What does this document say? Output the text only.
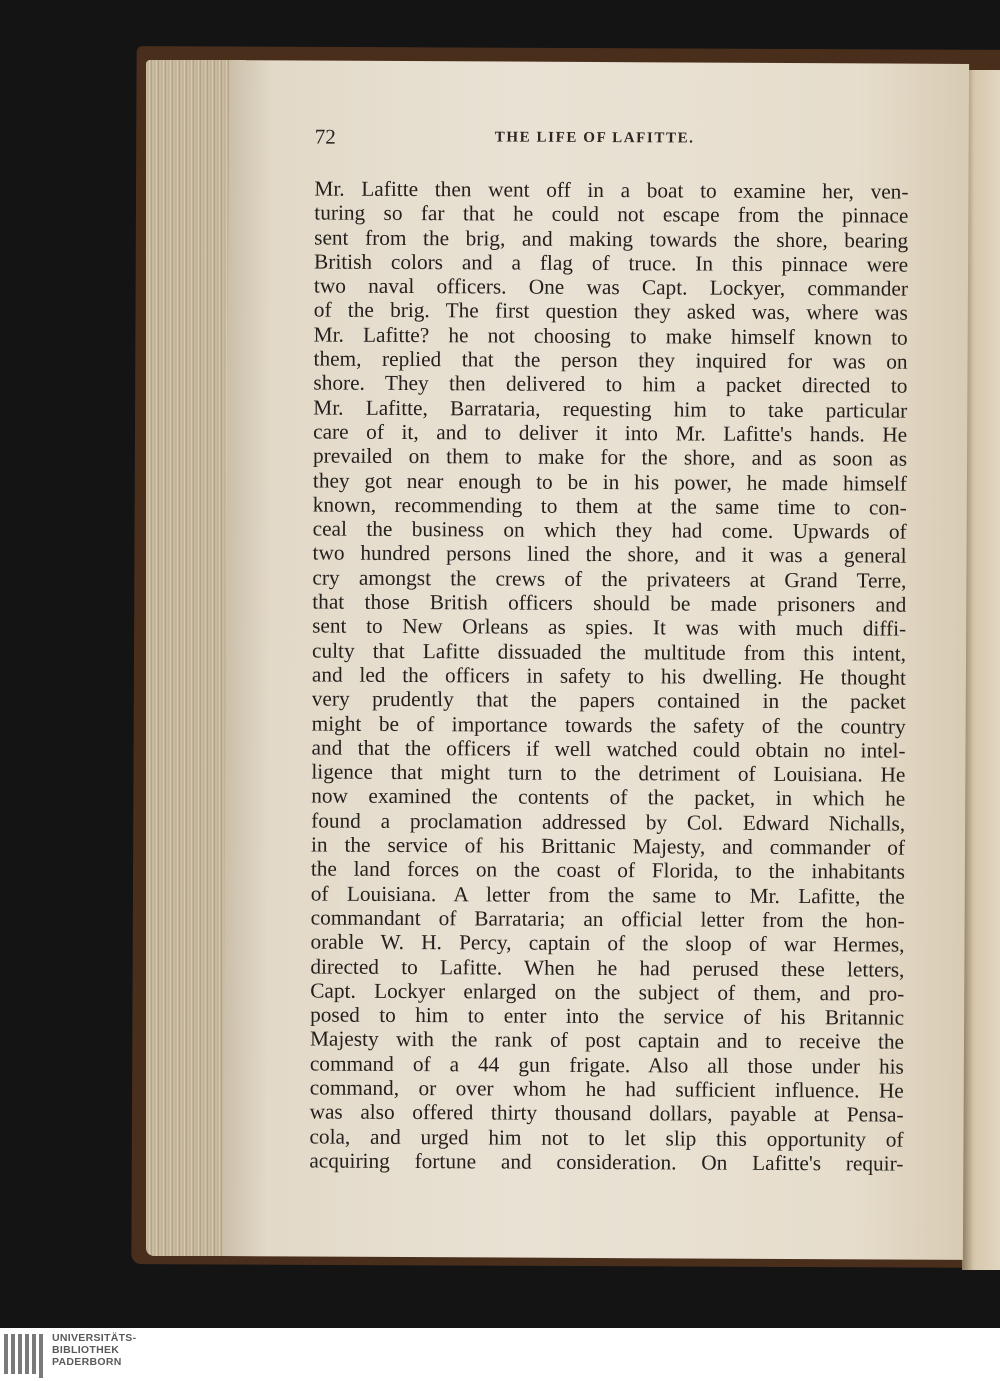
72	THE LIFE OF LAFITTE.
Mr. Lafitte then went off in a boat to examine her, ven-
turing so far that he could not escape from the pinnace
sent from the brig, and making towards the shore, bearing
British colors and a flag of truce. In this pinnace were
two naval officers. One was Capt. Lockyer, commander
of the brig. The first question they asked was, where was
Mr. Lafitte? he not choosing to make himself known to
them, replied that the person they inquired for was on
shore. They then delivered to him a packet directed to
Mr. Lafitte, Barrataria, requesting him to take particular
care of it, and to deliver it into Mr. Lafitte's hands. He
prevailed on them to make for the shore, and as soon as
they got near enough to be in his power, he made himself
known, recommending to them at the same time to con-
ceal the business on which they had come. Upwards of
two hundred persons lined the shore, and it was a general
cry amongst the crews of the privateers at Grand Terre,
that those British officers should be made prisoners and
sent to New Orleans as spies. It was with much diffi-
culty that Lafitte dissuaded the multitude from this intent,
and led the officers in safety to his dwelling. He thought
very prudently that the papers contained in the packet
might be of importance towards the safety of the country
and that the officers if well watched could obtain no intel-
ligence that might turn to the detriment of Louisiana. He
now examined the contents of the packet, in which he
found a proclamation addressed by Col. Edward Nichalls,
in the service of his Brittanic Majesty, and commander of
the land forces on the coast of Florida, to the inhabitants
of Louisiana. A letter from the same to Mr. Lafitte, the
commandant of Barrataria; an official letter from the hon-
orable W. H. Percy, captain of the sloop of war Hermes,
directed to Lafitte. When he had perused these letters,
Capt. Lockyer enlarged on the subject of them, and pro-
posed to him to enter into the service of his Britannic
Majesty with the rank of post captain and to receive the
command of a 44 gun frigate. Also all those under his
command, or over whom he had sufficient influence. He
was also offered thirty thousand dollars, payable at Pensa-
cola, and urged him not to let slip this opportunity of
acquiring fortune and consideration. On Lafitte's requir-
UNIVERSITÄTS-
BIBLIOTHEK
PADERBORN
